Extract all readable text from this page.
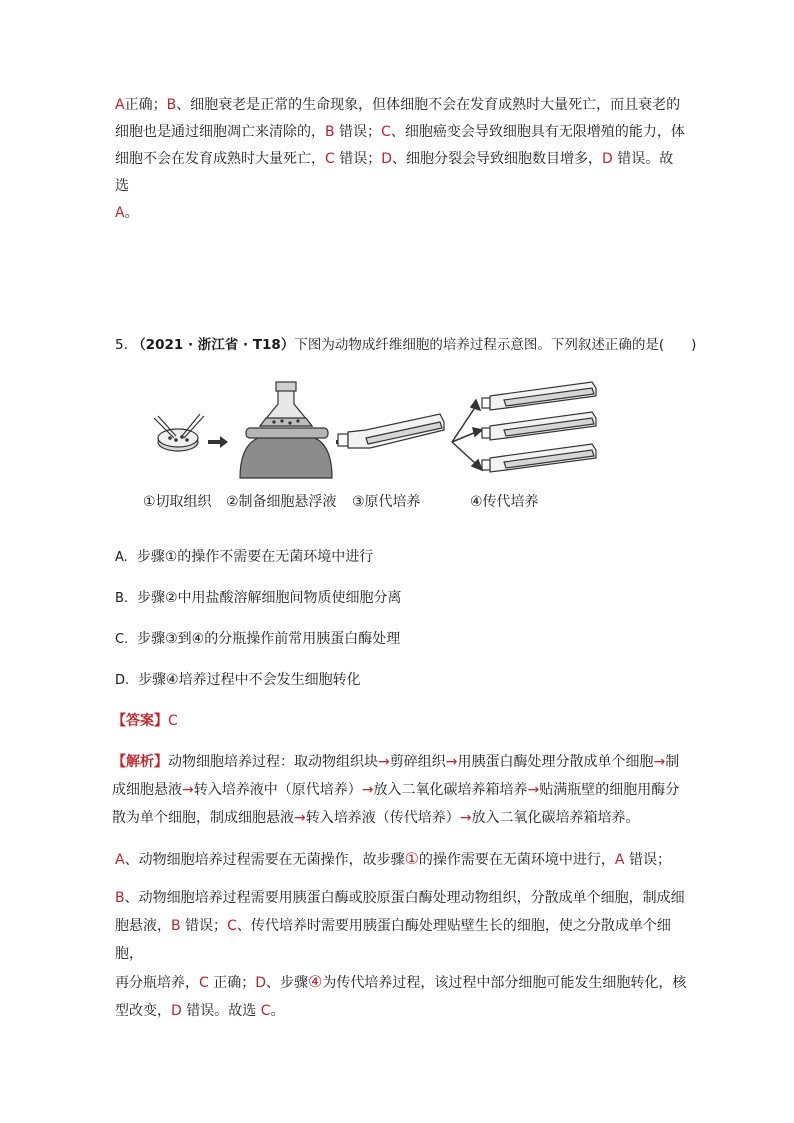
A正确；B、细胞衰老是正常的生命现象，但体细胞不会在发育成熟时大量死亡，而且衰老的

细胞也是通过细胞凋亡来清除的，B 错误；C、细胞癌变会导致细胞具有无限增殖的能力，体

细胞不会在发育成熟时大量死亡，C 错误；D、细胞分裂会导致细胞数目增多，D 错误。故选

A。

5. （2021 · 浙江省 · T18）下图为动物成纤维细胞的培养过程示意图。下列叙述正确的是(　　)
①切取组织 ②制备细胞悬浮液 ③原代培养	④传代培养

A. 步骤①的操作不需要在无菌环境中进行

B. 步骤②中用盐酸溶解细胞间物质使细胞分离

C. 步骤③到④的分瓶操作前常用胰蛋白酶处理

D. 步骤④培养过程中不会发生细胞转化

【答案】C

【解析】动物细胞培养过程：取动物组织块→剪碎组织→用胰蛋白酶处理分散成单个细胞→制成细胞悬液→转入培养液中（原代培养）→放入二氧化碳培养箱培养→贴满瓶壁的细胞用酶分散为单个细胞，制成细胞悬液→转入培养液（传代培养）→放入二氧化碳培养箱培养。

A、动物细胞培养过程需要在无菌操作，故步骤①的操作需要在无菌环境中进行，A 错误；

B、动物细胞培养过程需要用胰蛋白酶或胶原蛋白酶处理动物组织，分散成单个细胞，制成细

胞悬液，B 错误；C、传代培养时需要用胰蛋白酶处理贴壁生长的细胞，使之分散成单个细胞，

再分瓶培养，C 正确；D、步骤④为传代培养过程，该过程中部分细胞可能发生细胞转化，核

型改变，D 错误。故选 C。
